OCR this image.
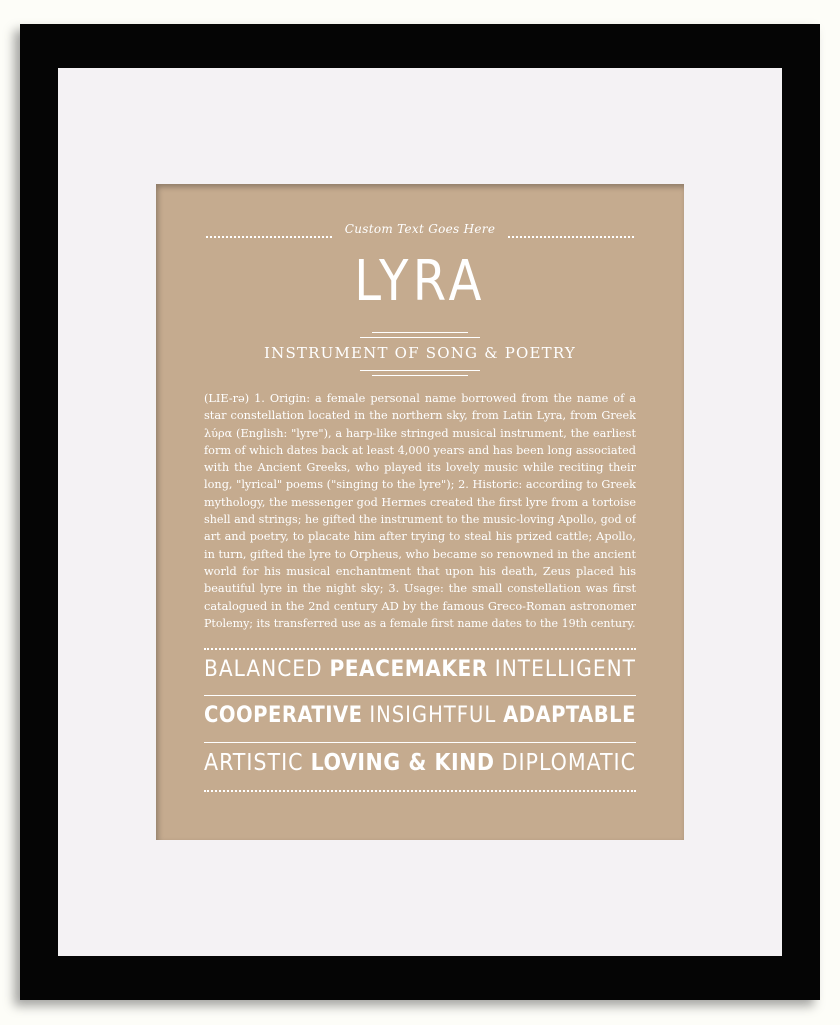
Custom Text Goes Here
LYRA
INSTRUMENT OF SONG & POETRY
(LIE-rə) 1. Origin: a female personal name borrowed from the name of a
star constellation located in the northern sky, from Latin Lyra, from Greek
λύρα (English: "lyre"), a harp-like stringed musical instrument, the earliest
form of which dates back at least 4,000 years and has been long associated
with the Ancient Greeks, who played its lovely music while reciting their
long, "lyrical" poems ("singing to the lyre"); 2. Historic: according to Greek
mythology, the messenger god Hermes created the first lyre from a tortoise
shell and strings; he gifted the instrument to the music-loving Apollo, god of
art and poetry, to placate him after trying to steal his prized cattle; Apollo,
in turn, gifted the lyre to Orpheus, who became so renowned in the ancient
world for his musical enchantment that upon his death, Zeus placed his
beautiful lyre in the night sky; 3. Usage: the small constellation was first
catalogued in the 2nd century AD by the famous Greco-Roman astronomer
Ptolemy; its transferred use as a female first name dates to the 19th century.
BALANCED PEACEMAKER INTELLIGENT
COOPERATIVE INSIGHTFUL ADAPTABLE
ARTISTIC LOVING & KIND DIPLOMATIC
